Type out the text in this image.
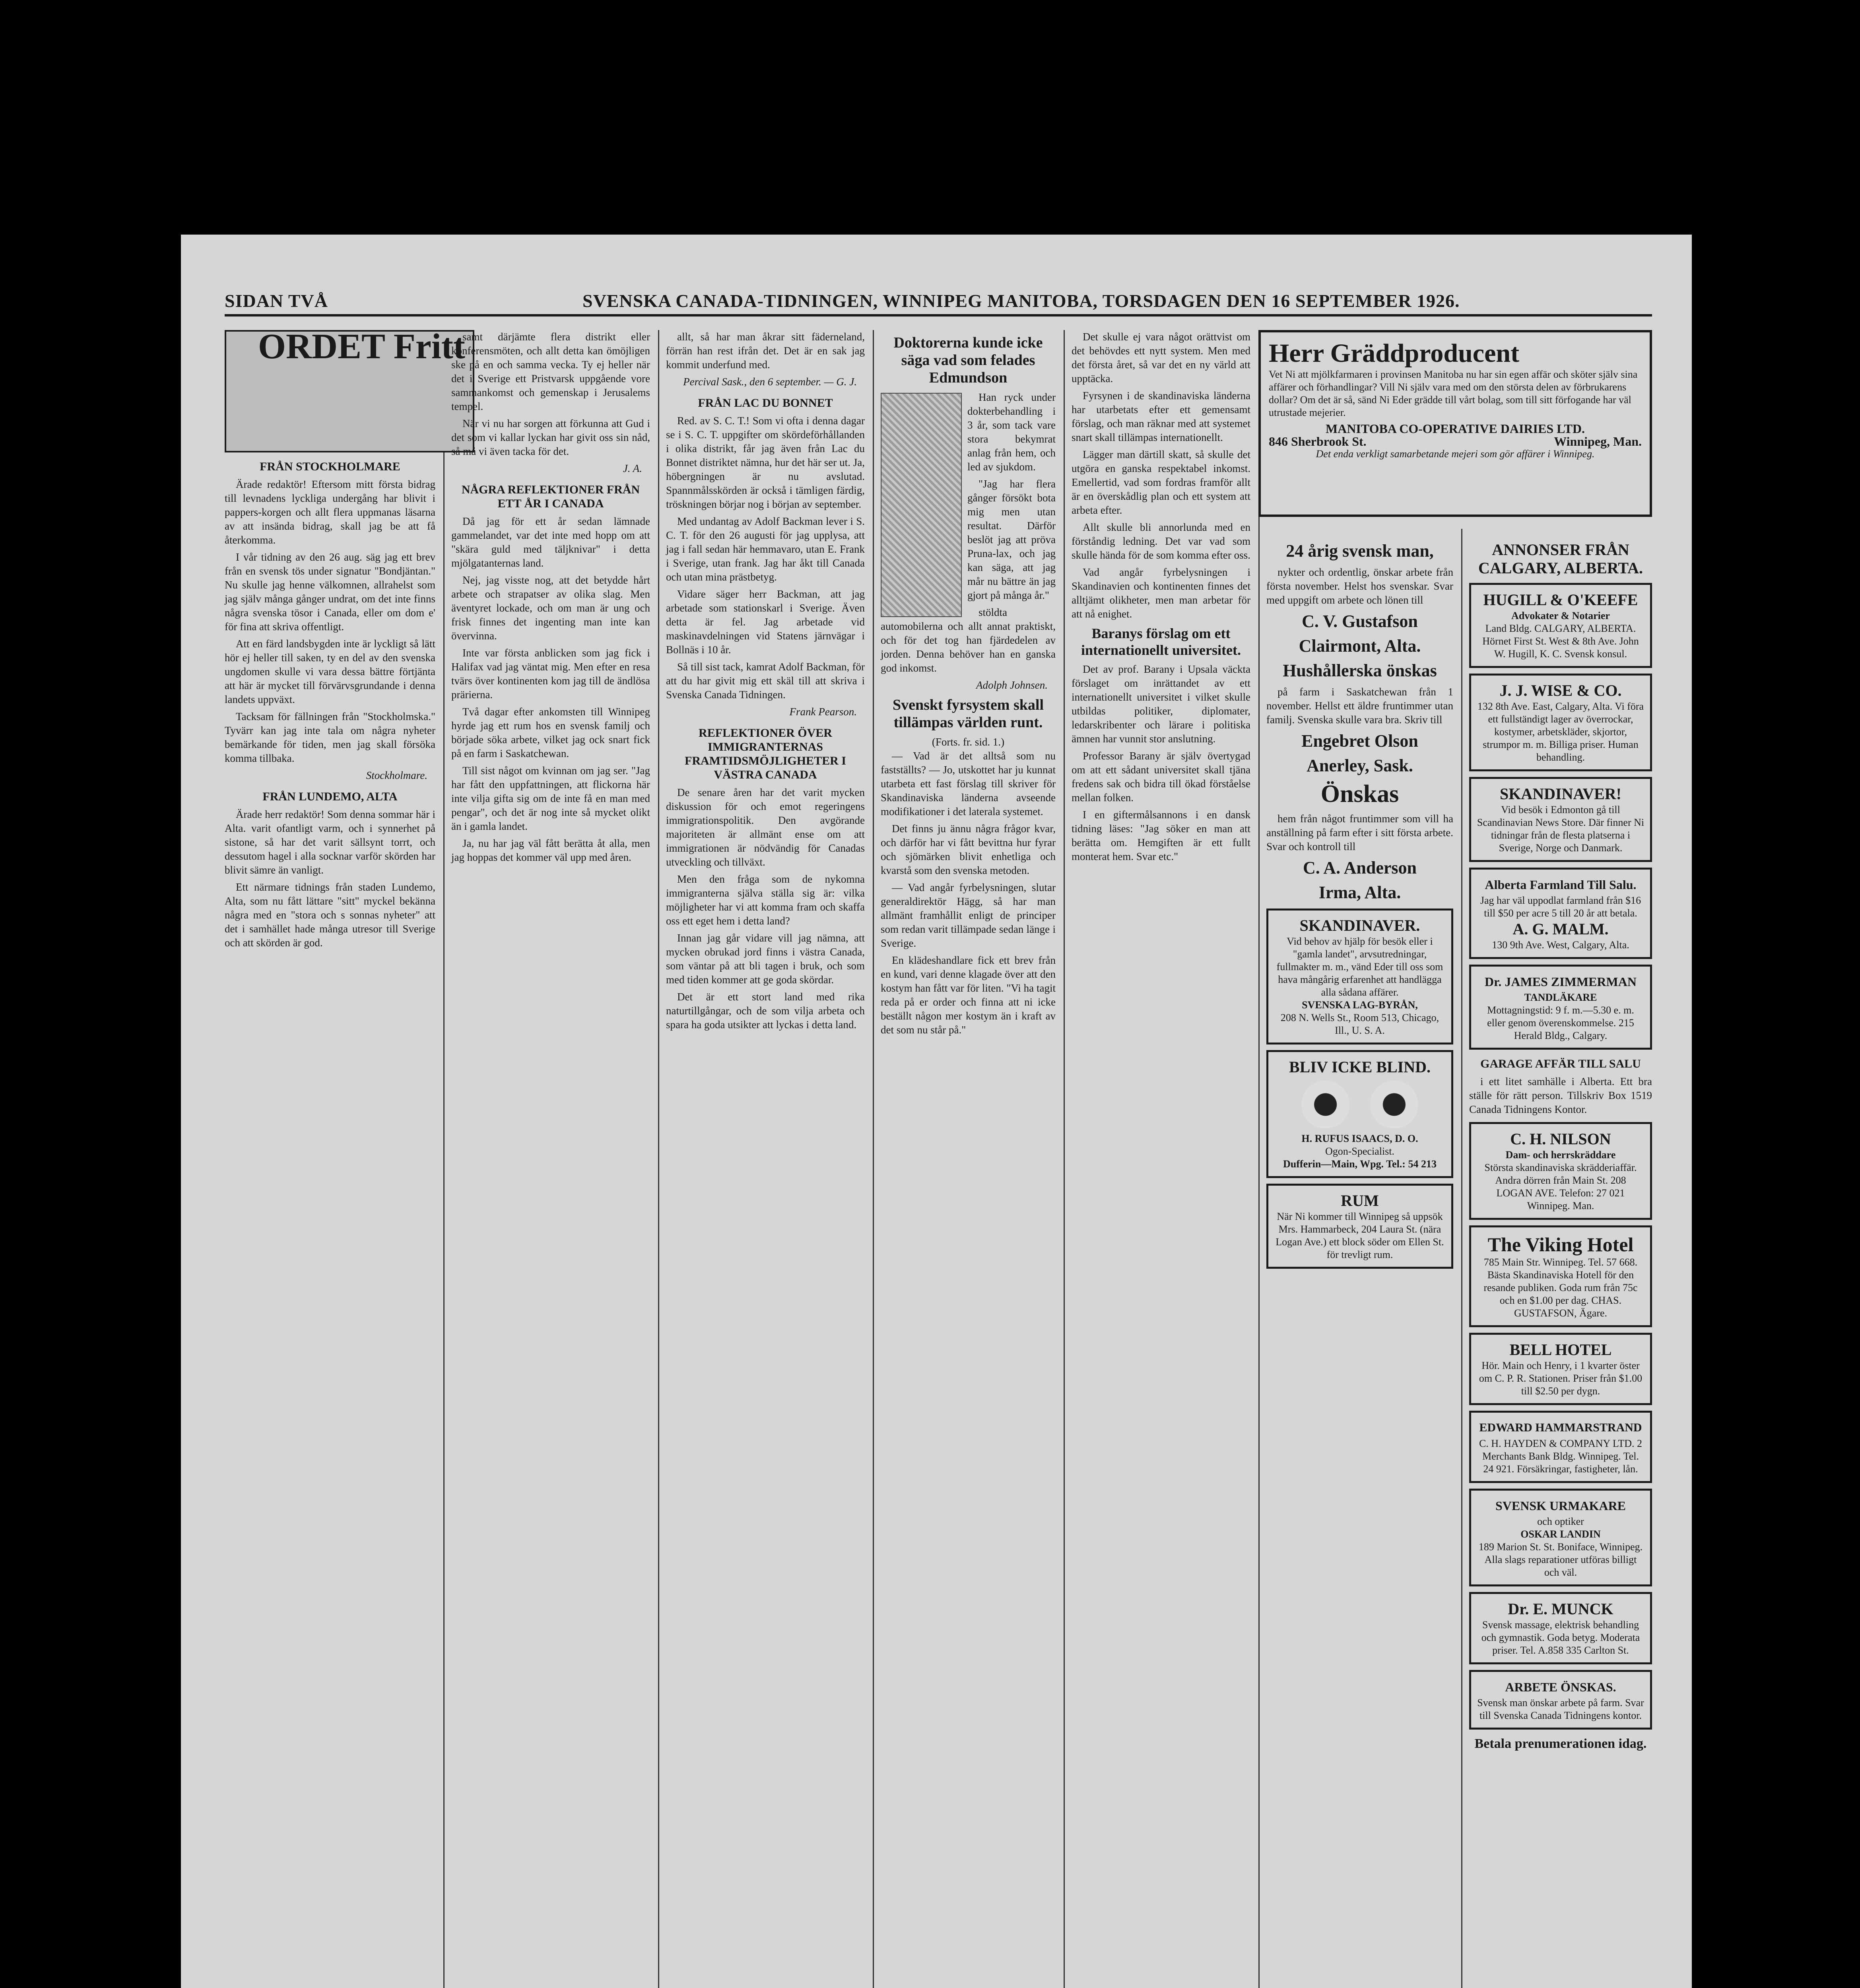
SIDAN TVÅ	SVENSKA CANADA-TIDNINGEN, WINNIPEG MANITOBA, TORSDAGEN DEN 16 SEPTEMBER 1926.
ORDET Fritt
FRÅN STOCKHOLMARE

Ärade redaktör! Eftersom mitt första bidrag till levnadens lyckliga undergång har blivit i pappers-korgen och allt flera uppmanas läsarna av att insända bidrag, skall jag be att få återkomma.

I vår tidning av den 26 aug. säg jag ett brev från en svensk tös under signatur "Bondjäntan." Nu skulle jag henne välkomnen, allrahelst som jag själv många gånger undrat, om det inte finns några svenska tösor i Canada, eller om dom e' för fina att skriva offentligt.

Att en färd landsbygden inte är lyckligt så lätt hör ej heller till saken, ty en del av den svenska ungdomen skulle vi vara dessa bättre förtjänta att här är mycket till förvärvsgrundande i denna landets uppväxt.

Tacksam för fällningen från "Stockholmska." Tyvärr kan jag inte tala om några nyheter bemärkande för tiden, men jag skall försöka komma tillbaka.

Stockholmare.
FRÅN LUNDEMO, ALTA

Ärade herr redaktör! Som denna sommar här i Alta. varit ofantligt varm, och i synnerhet på sistone, så har det varit sällsynt torrt, och dessutom hagel i alla socknar varför skörden har blivit sämre än vanligt.

Ett närmare tidnings från staden Lundemo, Alta, som nu fått lättare "sitt" myckel bekänna några med en "stora och s sonnas nyheter" att det i samhället hade många utresor till Sverige och att skörden är god.

samt därjämte flera distrikt eller konferensmöten, och allt detta kan ömöjligen ske på en och samma vecka. Ty ej heller när det i Sverige ett Pristvarsk uppgående vore sammankomst och gemenskap i Jerusalems tempel.

När vi nu har sorgen att förkunna att Gud i det som vi kallar lyckan har givit oss sin nåd, så må vi även tacka för det.

J. A.
NÅGRA REFLEKTIONER FRÅN ETT ÅR I CANADA

Då jag för ett år sedan lämnade gammelandet, var det inte med hopp om att "skära guld med täljknivar" i detta mjölgatanternas land.

Nej, jag visste nog, att det betydde hårt arbete och strapatser av olika slag. Men äventyret lockade, och om man är ung och frisk finnes det ingenting man inte kan övervinna.

Inte var första anblicken som jag fick i Halifax vad jag väntat mig. Men efter en resa tvärs över kontinenten kom jag till de ändlösa prärierna.

Två dagar efter ankomsten till Winnipeg hyrde jag ett rum hos en svensk familj och började söka arbete, vilket jag ock snart fick på en farm i Saskatchewan.

Till sist något om kvinnan om jag ser. "Jag har fått den uppfattningen, att flickorna här inte vilja gifta sig om de inte få en man med pengar", och det är nog inte så mycket olikt än i gamla landet.

Ja, nu har jag väl fått berätta åt alla, men jag hoppas det kommer väl upp med åren.

allt, så har man åkrar sitt fäderneland, förrän han rest ifrån det. Det är en sak jag kommit underfund med.

Percival Sask., den 6 september. — G. J.
FRÅN LAC DU BONNET

Red. av S. C. T.! Som vi ofta i denna dagar se i S. C. T. uppgifter om skördeförhållanden i olika distrikt, får jag även från Lac du Bonnet distriktet nämna, hur det här ser ut. Ja, höbergningen är nu avslutad. Spannmålsskörden är också i tämligen färdig, tröskningen börjar nog i början av september.

Med undantag av Adolf Backman lever i S. C. T. för den 26 augusti för jag upplysa, att jag i fall sedan här hemmavaro, utan E. Frank i Sverige, utan frank. Jag har åkt till Canada och utan mina prästbetyg.

Vidare säger herr Backman, att jag arbetade som stationskarl i Sverige. Även detta är fel. Jag arbetade vid maskinavdelningen vid Statens järnvägar i Bollnäs i 10 år.

Så till sist tack, kamrat Adolf Backman, för att du har givit mig ett skäl till att skriva i Svenska Canada Tidningen.

Frank Pearson.
REFLEKTIONER ÖVER IMMIGRANTERNAS FRAMTIDSMÖJLIGHETER I VÄSTRA CANADA

De senare åren har det varit mycken diskussion för och emot regeringens immigrationspolitik. Den avgörande majoriteten är allmänt ense om att immigrationen är nödvändig för Canadas utveckling och tillväxt.

Men den fråga som de nykomna immigranterna själva ställa sig är: vilka möjligheter har vi att komma fram och skaffa oss ett eget hem i detta land?

Innan jag går vidare vill jag nämna, att mycken obrukad jord finns i västra Canada, som väntar på att bli tagen i bruk, och som med tiden kommer att ge goda skördar.

Det är ett stort land med rika naturtillgångar, och de som vilja arbeta och spara ha goda utsikter att lyckas i detta land.

Doktorerna kunde icke säga vad som felades Edmundson

Han ryck under dokterbehandling i 3 år, som tack vare stora bekymrat anlag från hem, och led av sjukdom.

"Jag har flera gånger försökt bota mig men utan resultat. Därför beslöt jag att pröva Pruna-lax, och jag kan säga, att jag mår nu bättre än jag gjort på många år."

stöldta automobilerna och allt annat praktiskt, och för det tog han fjärdedelen av jorden. Denna behöver han en ganska god inkomst.

Adolph Johnsen.
Svenskt fyrsystem skall tillämpas världen runt.
(Forts. fr. sid. 1.)

— Vad är det alltså som nu fastställts? — Jo, utskottet har ju kunnat utarbeta ett fast förslag till skriver för Skandinaviska länderna avseende modifikationer i det laterala systemet.

Det finns ju ännu några frågor kvar, och därför har vi fått bevittna hur fyrar och sjömärken blivit enhetliga och kvarstå som den svenska metoden.

— Vad angår fyrbelysningen, slutar generaldirektör Hägg, så har man allmänt framhållit enligt de principer som redan varit tillämpade sedan länge i Sverige.

En klädeshandlare fick ett brev från en kund, vari denne klagade över att den kostym han fått var för liten. "Vi ha tagit reda på er order och finna att ni icke beställt någon mer kostym än i kraft av det som nu står på."

Det skulle ej vara något orättvist om det behövdes ett nytt system. Men med det första året, så var det en ny värld att upptäcka.

Fyrsynen i de skandinaviska länderna har utarbetats efter ett gemensamt förslag, och man räknar med att systemet snart skall tillämpas internationellt.

Lägger man därtill skatt, så skulle det utgöra en ganska respektabel inkomst. Emellertid, vad som fordras framför allt är en överskådlig plan och ett system att arbeta efter.

Allt skulle bli annorlunda med en förståndig ledning. Det var vad som skulle hända för de som komma efter oss.

Vad angår fyrbelysningen i Skandinavien och kontinenten finnes det alltjämt olikheter, men man arbetar för att nå enighet.

Baranys förslag om ett internationellt universitet.

Det av prof. Barany i Upsala väckta förslaget om inrättandet av ett internationellt universitet i vilket skulle utbildas politiker, diplomater, ledarskribenter och lärare i politiska ämnen har vunnit stor anslutning.

Professor Barany är själv övertygad om att ett sådant universitet skall tjäna fredens sak och bidra till ökad förståelse mellan folken.

I en giftermålsannons i en dansk tidning läses: "Jag söker en man att berätta om. Hemgiften är ett fullt monterat hem. Svar etc."

Herr Gräddproducent
Vet Ni att mjölkfarmaren i provinsen Manitoba nu har sin egen affär och sköter själv sina affärer och förhandlingar? Vill Ni själv vara med om den största delen av förbrukarens dollar? Om det är så, sänd Ni Eder grädde till vårt bolag, som till sitt förfogande har väl utrustade mejerier.
MANITOBA CO-OPERATIVE DAIRIES LTD.
846 Sherbrook St.	Winnipeg, Man.
Det enda verkligt samarbetande mejeri som gör affärer i Winnipeg.
24 årig svensk man,

nykter och ordentlig, önskar arbete från första november. Helst hos svenskar. Svar med uppgift om arbete och lönen till

C. V. Gustafson
Clairmont, Alta.
Hushållerska önskas

på farm i Saskatchewan från 1 november. Hellst ett äldre fruntimmer utan familj. Svenska skulle vara bra. Skriv till

Engebret Olson
Anerley, Sask.
Önskas

hem från något fruntimmer som vill ha anställning på farm efter i sitt första arbete. Svar och kontroll till

C. A. Anderson
Irma, Alta.
SKANDINAVER.
Vid behov av hjälp för besök eller i "gamla landet", arvsutredningar, fullmakter m. m., vänd Eder till oss som hava mångårig erfarenhet att handlägga alla sådana affärer.
SVENSKA LAG-BYRÅN,
208 N. Wells St., Room 513, Chicago, Ill., U. S. A.
BLIV ICKE BLIND.
H. RUFUS ISAACS, D. O.
Ogon-Specialist.
Dufferin—Main, Wpg. Tel.: 54 213
RUM
När Ni kommer till Winnipeg så uppsök Mrs. Hammarbeck, 204 Laura St. (nära Logan Ave.) ett block söder om Ellen St. för trevligt rum.
ANNONSER FRÅN CALGARY, ALBERTA.
HUGILL & O'KEEFE
Advokater & Notarier
Land Bldg. CALGARY, ALBERTA. Hörnet First St. West & 8th Ave. John W. Hugill, K. C. Svensk konsul.
J. J. WISE & CO.
132 8th Ave. East, Calgary, Alta. Vi föra ett fullständigt lager av överrockar, kostymer, arbetskläder, skjortor, strumpor m. m. Billiga priser. Human behandling.
SKANDINAVER!
Vid besök i Edmonton gå till Scandinavian News Store. Där finner Ni tidningar från de flesta platserna i Sverige, Norge och Danmark.
Alberta Farmland Till Salu.
Jag har väl uppodlat farmland från $16 till $50 per acre 5 till 20 år att betala.
A. G. MALM.
130 9th Ave. West, Calgary, Alta.
Dr. JAMES ZIMMERMAN
TANDLÄKARE
Mottagningstid: 9 f. m.—5.30 e. m. eller genom överenskommelse. 215 Herald Bldg., Calgary.
GARAGE AFFÄR TILL SALU

i ett litet samhälle i Alberta. Ett bra ställe för rätt person. Tillskriv Box 1519 Canada Tidningens Kontor.

C. H. NILSON
Dam- och herrskräddare
Största skandinaviska skrädderiaffär. Andra dörren från Main St. 208 LOGAN AVE. Telefon: 27 021 Winnipeg. Man.
The Viking Hotel
785 Main Str. Winnipeg. Tel. 57 668. Bästa Skandinaviska Hotell för den resande publiken. Goda rum från 75c och en $1.00 per dag. CHAS. GUSTAFSON, Ägare.
BELL HOTEL
Hör. Main och Henry, i 1 kvarter öster om C. P. R. Stationen. Priser från $1.00 till $2.50 per dygn.
EDWARD HAMMARSTRAND
C. H. HAYDEN & COMPANY LTD. 2 Merchants Bank Bldg. Winnipeg. Tel. 24 921. Försäkringar, fastigheter, lån.
SVENSK URMAKARE
och optiker
OSKAR LANDIN
189 Marion St. St. Boniface, Winnipeg. Alla slags reparationer utföras billigt och väl.
Dr. E. MUNCK
Svensk massage, elektrisk behandling och gymnastik. Goda betyg. Moderata priser. Tel. A.858 335 Carlton St.
ARBETE ÖNSKAS.
Svensk man önskar arbete på farm. Svar till Svenska Canada Tidningens kontor.
Betala prenumerationen idag.
